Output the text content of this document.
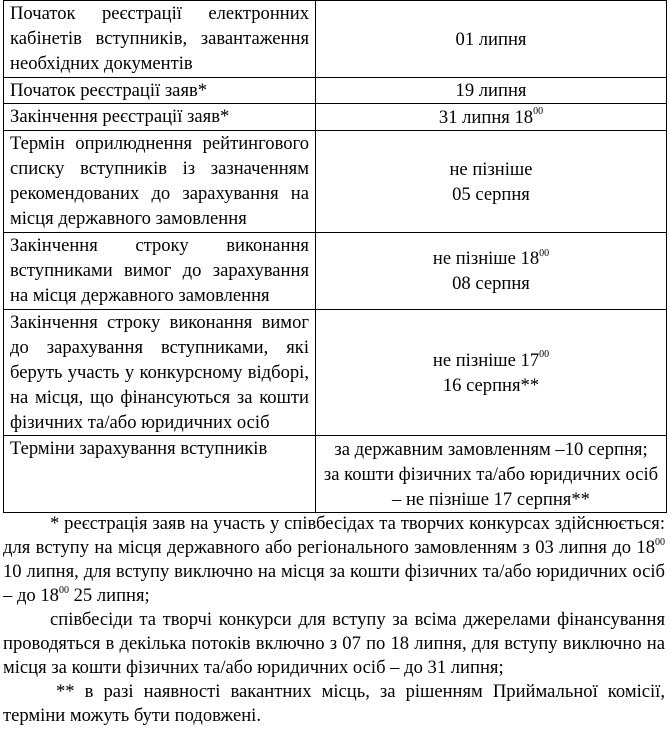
Початок реєстрації електронних кабінетів вступників, завантаження необхідних документів	01 липня
Початок реєстрації заяв*	19 липня
Закінчення реєстрації заяв*	31 липня $18^{00}$
Термін оприлюднення рейтингового списку вступників із зазначенням рекомендованих до зарахування на місця державного замовлення	не пізніше
05 серпня

Закінчення строку виконання вступниками вимог до зарахування на місця державного замовлення	не пізніше $18^{00}$
08 серпня

Закінчення строку виконання вимог до зарахування вступниками, які беруть участь у конкурсному відборі, на місця, що фінансуються за кошти фізичних та/або юридичних осіб	не пізніше $17^{00}$
16 серпня**

Терміни зарахування вступників	за державним замовленням –10 серпня;
за кошти фізичних та/або юридичних осіб
– не пізніше 17 серпня**

* реєстрація заяв на участь у співбесідах та творчих конкурсах здійснюється: для вступу на місця державного або регіонального замовленням з 03 липня до $18^{00}$ 10 липня, для вступу виключно на місця за кошти фізичних та/або юридичних осіб – до $18^{00}$ 25 липня;

співбесіди та творчі конкурси для вступу за всіма джерелами фінансування проводяться в декілька потоків включно з 07 по 18 липня, для вступу виключно на місця за кошти фізичних та/або юридичних осіб – до 31 липня;

** в разі наявності вакантних місць, за рішенням Приймальної комісії, терміни можуть бути подовжені.
